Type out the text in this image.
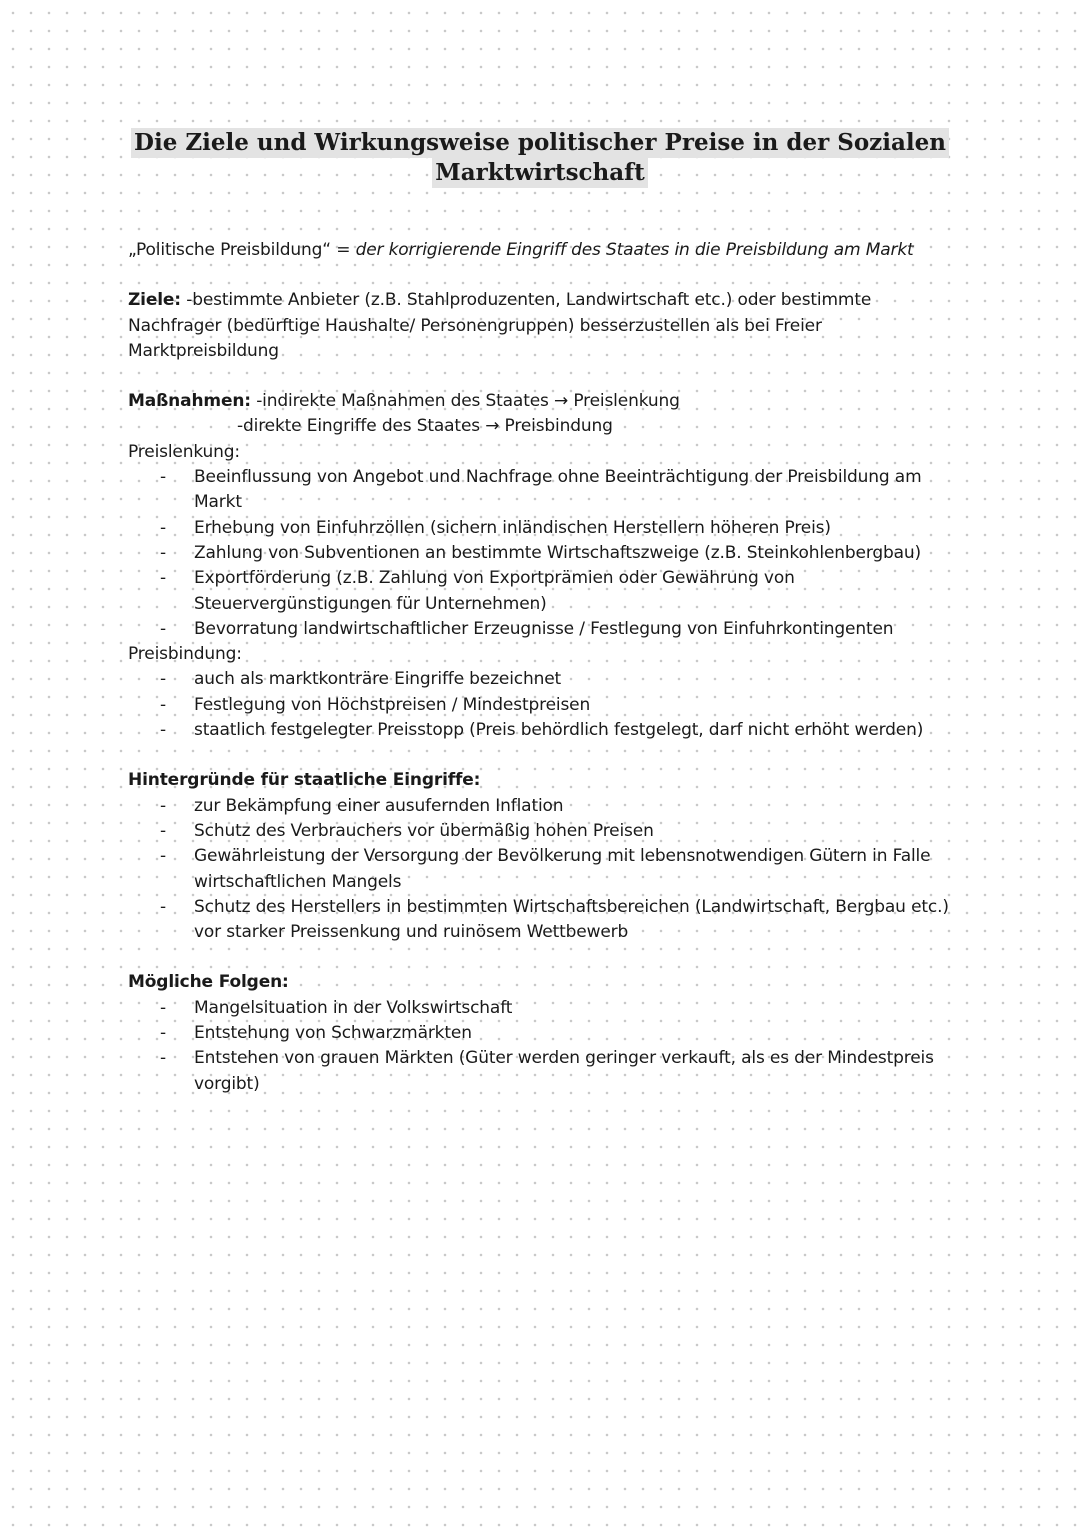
Die Ziele und Wirkungsweise politischer Preise in der Sozialen
Marktwirtschaft

„Politische Preisbildung“ = der korrigierende Eingriff des Staates in die Preisbildung am Markt

Ziele: -bestimmte Anbieter (z.B. Stahlproduzenten, Landwirtschaft etc.) oder bestimmte Nachfrager (bedürftige Haushalte/ Personengruppen) besserzustellen als bei Freier Marktpreisbildung

Maßnahmen: -indirekte Maßnahmen des Staates → Preislenkung

-direkte Eingriffe des Staates → Preisbindung

Preislenkung:

- Beeinflussung von Angebot und Nachfrage ohne Beeinträchtigung der Preisbildung am Markt
- Erhebung von Einfuhrzöllen (sichern inländischen Herstellern höheren Preis)
- Zahlung von Subventionen an bestimmte Wirtschaftszweige (z.B. Steinkohlenbergbau)
- Exportförderung (z.B. Zahlung von Exportprämien oder Gewährung von Steuervergünstigungen für Unternehmen)
- Bevorratung landwirtschaftlicher Erzeugnisse / Festlegung von Einfuhrkontingenten

Preisbindung:

- auch als marktkonträre Eingriffe bezeichnet
- Festlegung von Höchstpreisen / Mindestpreisen
- staatlich festgelegter Preisstopp (Preis behördlich festgelegt, darf nicht erhöht werden)

Hintergründe für staatliche Eingriffe:

- zur Bekämpfung einer ausufernden Inflation
- Schutz des Verbrauchers vor übermäßig hohen Preisen
- Gewährleistung der Versorgung der Bevölkerung mit lebensnotwendigen Gütern in Falle wirtschaftlichen Mangels
- Schutz des Herstellers in bestimmten Wirtschaftsbereichen (Landwirtschaft, Bergbau etc.) vor starker Preissenkung und ruinösem Wettbewerb

Mögliche Folgen:

- Mangelsituation in der Volkswirtschaft
- Entstehung von Schwarzmärkten
- Entstehen von grauen Märkten (Güter werden geringer verkauft, als es der Mindestpreis vorgibt)
